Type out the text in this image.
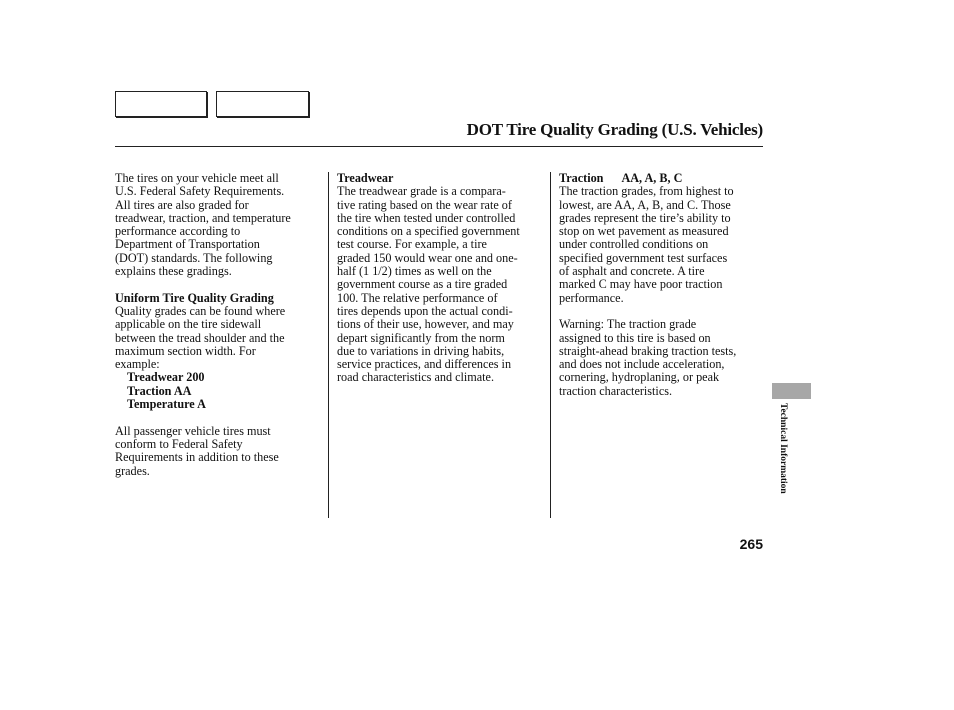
DOT Tire Quality Grading (U.S. Vehicles)

The tires on your vehicle meet all

U.S. Federal Safety Requirements.

All tires are also graded for

treadwear, traction, and temperature

performance according to

Department of Transportation

(DOT) standards. The following

explains these gradings.

Uniform Tire Quality Grading

Quality grades can be found where

applicable on the tire sidewall

between the tread shoulder and the

maximum section width. For

example:

Treadwear 200

Traction AA

Temperature A

All passenger vehicle tires must

conform to Federal Safety

Requirements in addition to these

grades.

Treadwear

The treadwear grade is a compara-

tive rating based on the wear rate of

the tire when tested under controlled

conditions on a specified government

test course. For example, a tire

graded 150 would wear one and one-

half (1 1/2) times as well on the

government course as a tire graded

100. The relative performance of

tires depends upon the actual condi-

tions of their use, however, and may

depart significantly from the norm

due to variations in driving habits,

service practices, and differences in

road characteristics and climate.

Traction AA, A, B, C

The traction grades, from highest to

lowest, are AA, A, B, and C. Those

grades represent the tire’s ability to

stop on wet pavement as measured

under controlled conditions on

specified government test surfaces

of asphalt and concrete. A tire

marked C may have poor traction

performance.

Warning: The traction grade

assigned to this tire is based on

straight-ahead braking traction tests,

and does not include acceleration,

cornering, hydroplaning, or peak

traction characteristics.

Technical Information
265
